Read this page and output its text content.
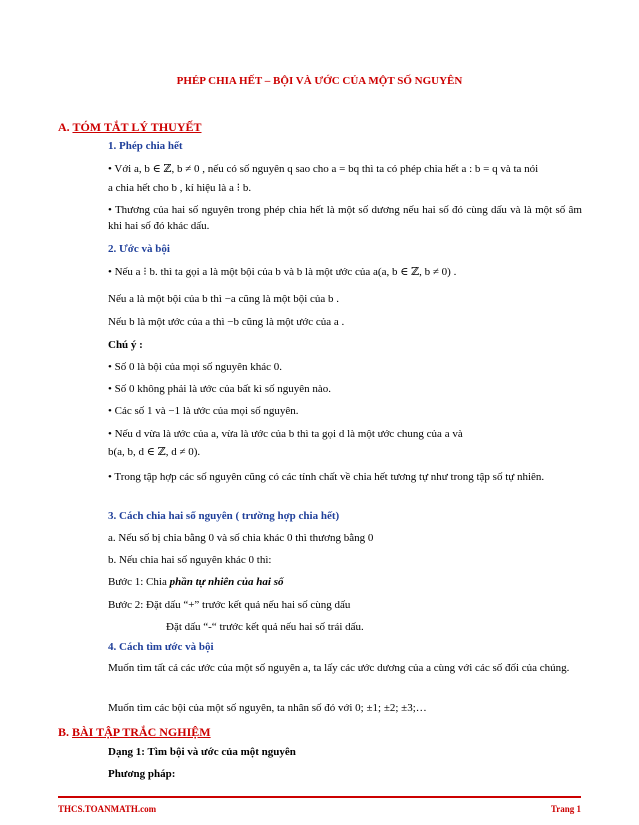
PHÉP CHIA HẾT – BỘI VÀ ƯỚC CỦA MỘT SỐ NGUYÊN
A. TÓM TẮT LÝ THUYẾT
1. Phép chia hết
• Với a, b ∈ ℤ, b ≠ 0 , nếu có số nguyên q sao cho a = bq thì ta có phép chia hết a : b = q và ta nói
a chia hết cho b , kí hiệu là a ⁝ b.
• Thương của hai số nguyên trong phép chia hết là một số dương nếu hai số đó cùng dấu và là một số âm khi hai số đó khác dấu.
2. Ước và bội
• Nếu a ⁝ b. thì ta gọi a là một bội của b và b là một ước của a(a, b ∈ ℤ, b ≠ 0) .
Nếu a là một bội của b thì −a cũng là một bội của b .
Nếu b là một ước của a thì −b cũng là một ước của a .
Chú ý :
• Số 0 là bội của mọi số nguyên khác 0.
• Số 0 không phải là ước của bất kì số nguyên nào.
• Các số 1 và −1 là ước của mọi số nguyên.
• Nếu d vừa là ước của a, vừa là ước của b thì ta gọi d là một ước chung của a và
b(a, b, d ∈ ℤ, d ≠ 0).
• Trong tập hợp các số nguyên cũng có các tính chất về chia hết tương tự như trong tập số tự nhiên.
3. Cách chia hai số nguyên ( trường hợp chia hết)
a. Nếu số bị chia bằng 0 và số chia khác 0 thì thương bằng 0
b. Nếu chia hai số nguyên khác 0 thì:
Bước 1: Chia phần tự nhiên của hai số
Bước 2: Đặt dấu “+” trước kết quả nếu hai số cùng dấu
Đặt dấu “-“ trước kết quả nếu hai số trái dấu.
4. Cách tìm ước và bội
Muốn tìm tất cả các ước của một số nguyên a, ta lấy các ước dương của a cùng với các số đối của chúng.
Muốn tìm các bội của một số nguyên, ta nhân số đó với 0; ±1; ±2; ±3;…
B. BÀI TẬP TRẮC NGHIỆM
Dạng 1: Tìm bội và ước của một nguyên
Phương pháp:
THCS.TOANMATH.com	Trang 1
